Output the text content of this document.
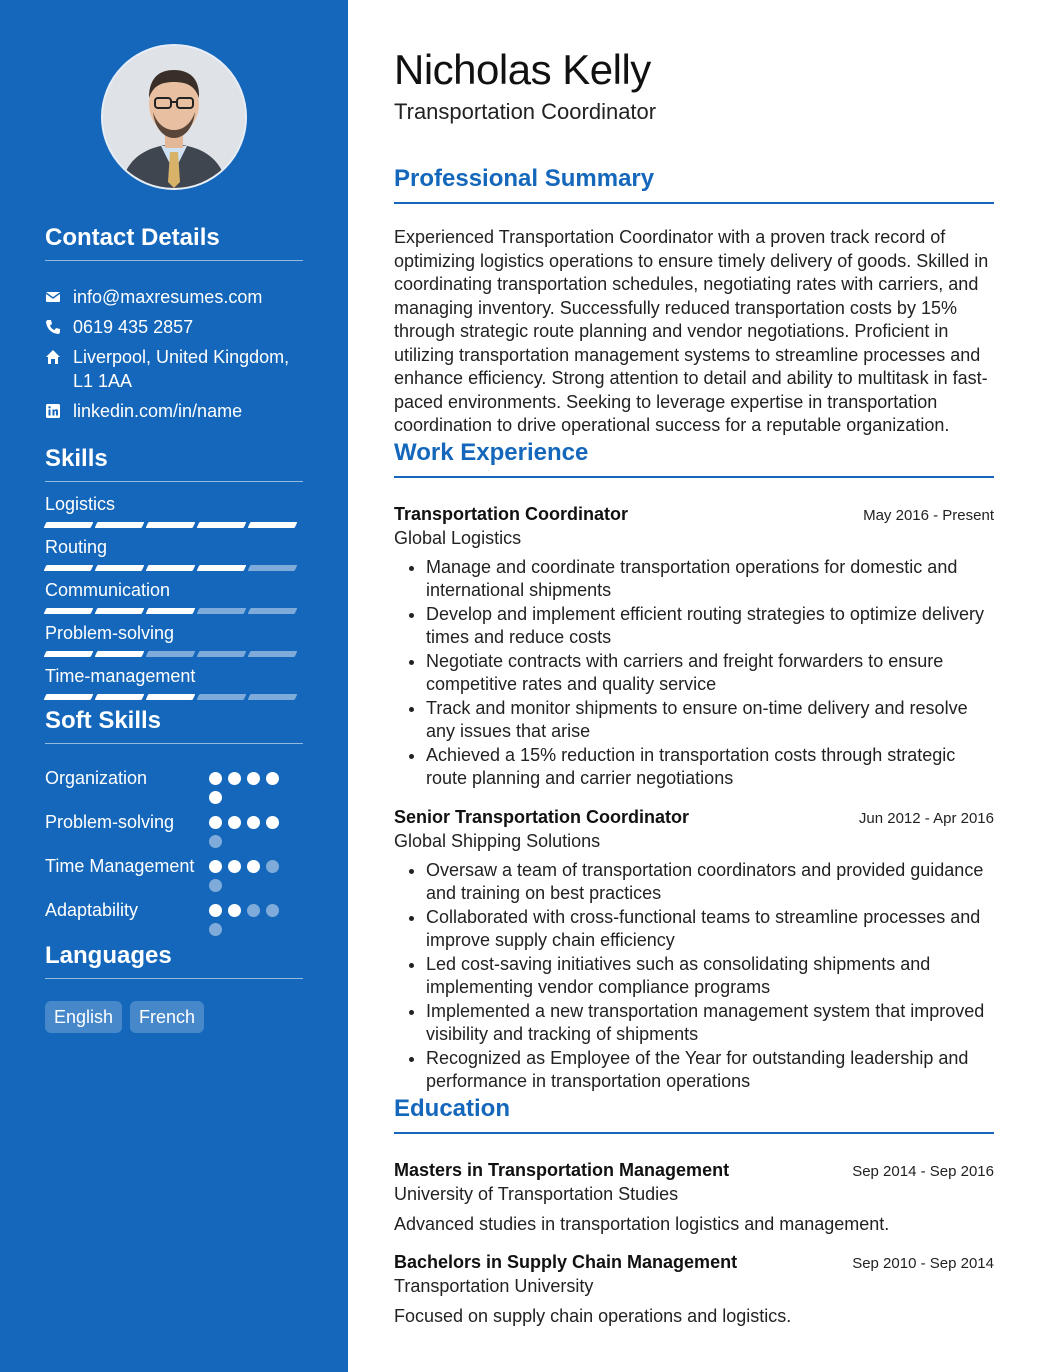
Contact Details
info@maxresumes.com
0619 435 2857
Liverpool, United Kingdom, L1 1AA
linkedin.com/in/name
Skills
Logistics
Routing
Communication
Problem-solving
Time-management
Soft Skills
Organization
Problem-solving
Time Management
Adaptability
Languages
English	French
Nicholas Kelly
Transportation Coordinator
Professional Summary

Experienced Transportation Coordinator with a proven track record of optimizing logistics operations to ensure timely delivery of goods. Skilled in coordinating transportation schedules, negotiating rates with carriers, and managing inventory. Successfully reduced transportation costs by 15% through strategic route planning and vendor negotiations. Proficient in utilizing transportation management systems to streamline processes and enhance efficiency. Strong attention to detail and ability to multitask in fast-paced environments. Seeking to leverage expertise in transportation coordination to drive operational success for a reputable organization.

Work Experience
Transportation Coordinator	May 2016 - Present
Global Logistics
• Manage and coordinate transportation operations for domestic and international shipments
• Develop and implement efficient routing strategies to optimize delivery times and reduce costs
• Negotiate contracts with carriers and freight forwarders to ensure competitive rates and quality service
• Track and monitor shipments to ensure on-time delivery and resolve any issues that arise
• Achieved a 15% reduction in transportation costs through strategic route planning and carrier negotiations
Senior Transportation Coordinator	Jun 2012 - Apr 2016
Global Shipping Solutions
• Oversaw a team of transportation coordinators and provided guidance and training on best practices
• Collaborated with cross-functional teams to streamline processes and improve supply chain efficiency
• Led cost-saving initiatives such as consolidating shipments and implementing vendor compliance programs
• Implemented a new transportation management system that improved visibility and tracking of shipments
• Recognized as Employee of the Year for outstanding leadership and performance in transportation operations
Education
Masters in Transportation Management	Sep 2014 - Sep 2016
University of Transportation Studies
Advanced studies in transportation logistics and management.
Bachelors in Supply Chain Management	Sep 2010 - Sep 2014
Transportation University
Focused on supply chain operations and logistics.
